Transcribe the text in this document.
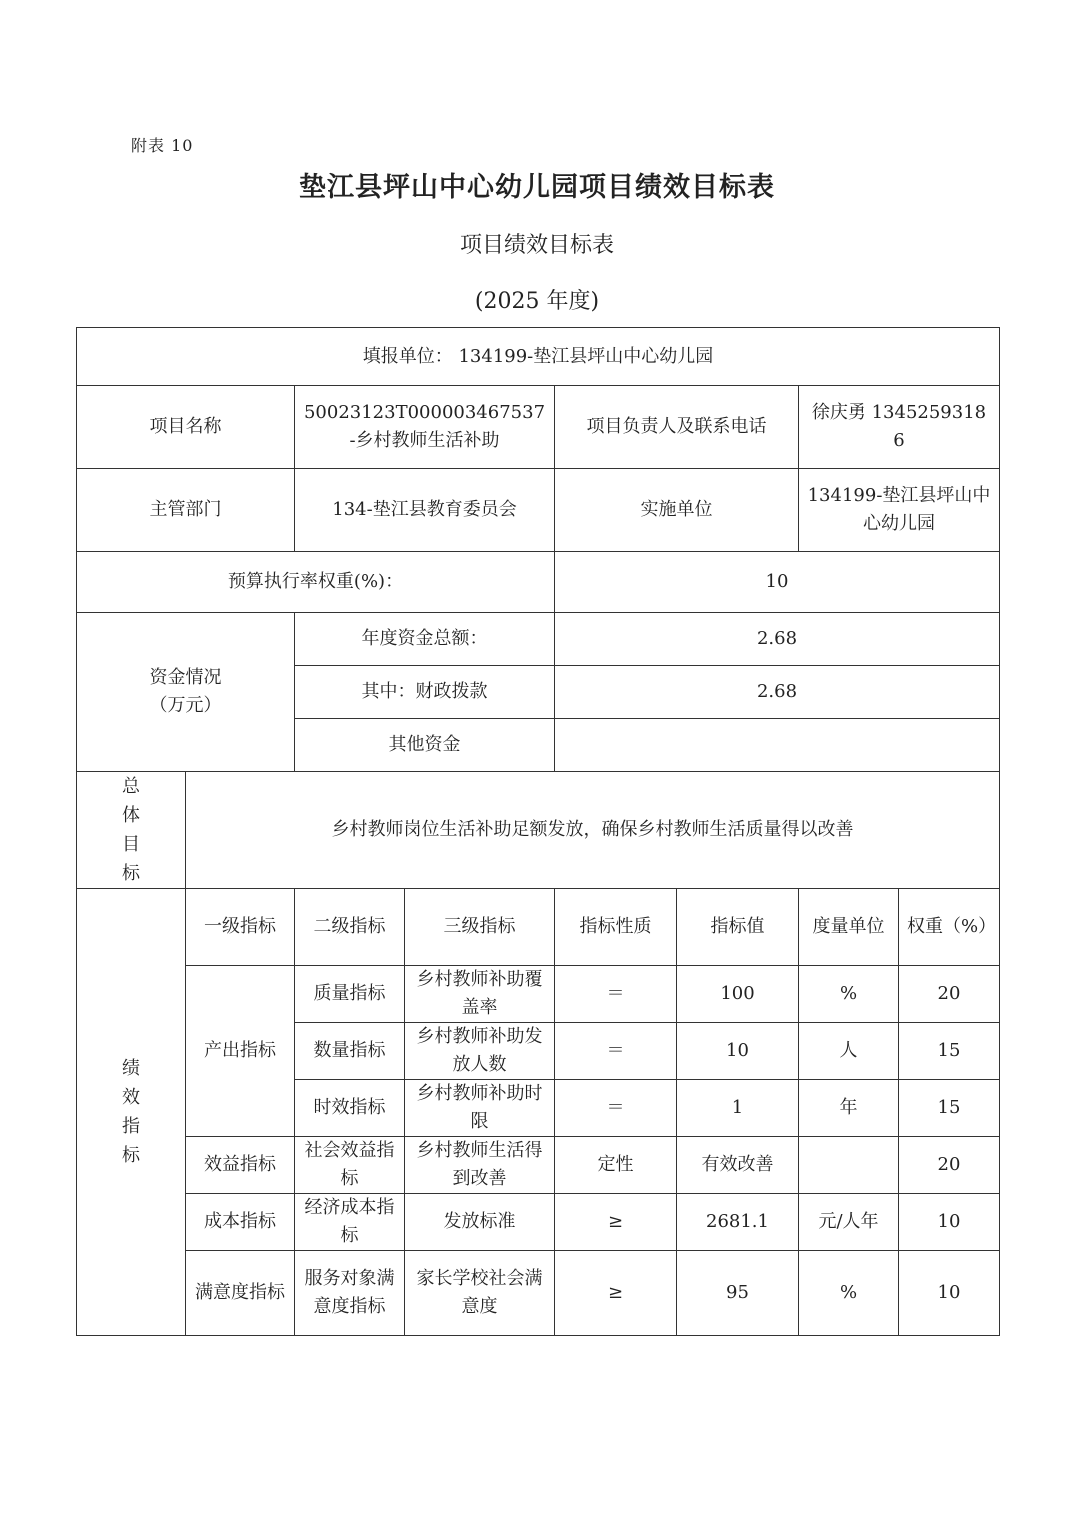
附表 10
垫江县坪山中心幼儿园项目绩效目标表
项目绩效目标表
(2025 年度)
填报单位： 134199-垫江县坪山中心幼儿园							
项目名称		50023123T000003467537-乡村教师生活补助		项目负责人及联系电话		徐庆勇 13452593186	
主管部门		134-垫江县教育委员会		实施单位		134199-垫江县坪山中心幼儿园	
预算执行率权重(%)：				10			

资金情况
（万元）		年度资金总额：		2.68			
		其中：财政拨款		2.68			
		其他资金					
总
体
目
标	乡村教师岗位生活补助足额发放，确保乡村教师生活质量得以改善						
绩
效
指
标	一级指标	二级指标	三级指标	指标性质	指标值	度量单位	权重（%）
	产出指标	质量指标	乡村教师补助覆盖率	＝	100	%	20
		数量指标	乡村教师补助发放人数	＝	10	人	15
		时效指标	乡村教师补助时限	＝	1	年	15
	效益指标	社会效益指标	乡村教师生活得到改善	定性	有效改善		20
	成本指标	经济成本指标	发放标准	≥	2681.1	元/人年	10
	满意度指标	服务对象满意度指标	家长学校社会满意度	≥	95	%	10
